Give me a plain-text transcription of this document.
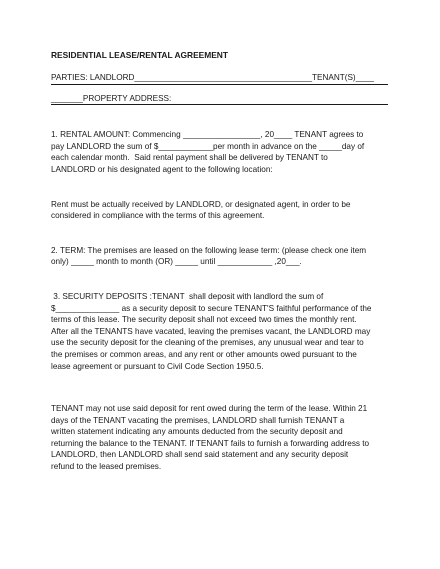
RESIDENTIAL LEASE/RENTAL AGREEMENT
PARTIES: LANDLORD_______________________________________TENANT(S)____
_______PROPERTY ADDRESS:
1. RENTAL AMOUNT: Commencing _________________, 20____ TENANT agrees to
pay LANDLORD the sum of $____________per month in advance on the _____day of
each calendar month.  Said rental payment shall be delivered by TENANT to
LANDLORD or his designated agent to the following location:
Rent must be actually received by LANDLORD, or designated agent, in order to be
considered in compliance with the terms of this agreement.
2. TERM: The premises are leased on the following lease term: (please check one item
only) _____ month to month (OR) _____ until ____________ ,20___.
3. SECURITY DEPOSITS :TENANT  shall deposit with landlord the sum of
$______________ as a security deposit to secure TENANT'S faithful performance of the
terms of this lease. The security deposit shall not exceed two times the monthly rent.
After all the TENANTS have vacated, leaving the premises vacant, the LANDLORD may
use the security deposit for the cleaning of the premises, any unusual wear and tear to
the premises or common areas, and any rent or other amounts owed pursuant to the
lease agreement or pursuant to Civil Code Section 1950.5.
TENANT may not use said deposit for rent owed during the term of the lease. Within 21
days of the TENANT vacating the premises, LANDLORD shall furnish TENANT a
written statement indicating any amounts deducted from the security deposit and
returning the balance to the TENANT. If TENANT fails to furnish a forwarding address to
LANDLORD, then LANDLORD shall send said statement and any security deposit
refund to the leased premises.
